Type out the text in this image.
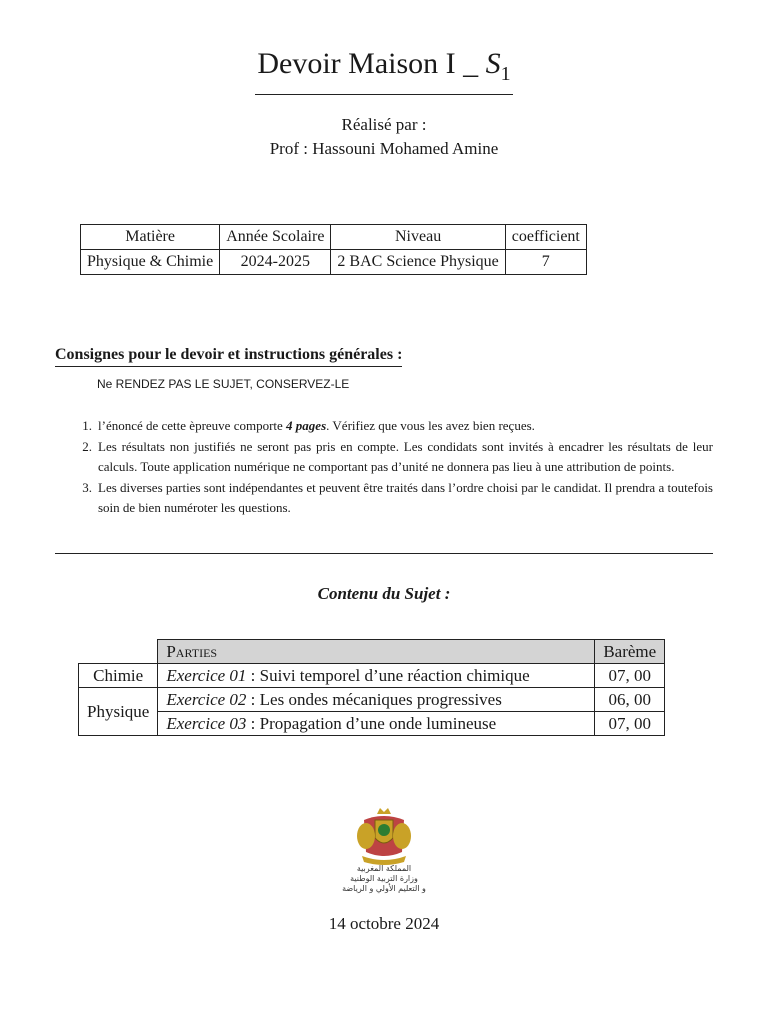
Devoir Maison I _ $S_1$
Réalisé par :
Prof : Hassouni Mohamed Amine
Matière	Année Scolaire	Niveau	coefficient
Physique & Chimie	2024-2025	2 BAC Science Physique	7
Consignes pour le devoir et instructions générales :
Ne RENDEZ PAS LE SUJET, CONSERVEZ-LE
1. l’énoncé de cette èpreuve comporte 4 pages. Vérifiez que vous les avez bien reçues.
2. Les résultats non justifiés ne seront pas pris en compte. Les condidats sont invités à encadrer les résultats de leur calculs. Toute application numérique ne comportant pas d’unité ne donnera pas lieu à une attribution de points.
3. Les diverses parties sont indépendantes et peuvent être traités dans l’ordre choisi par le candidat. Il prendra a toutefois soin de bien numéroter les questions.
Contenu du Sujet :
	Parties	Barème
Chimie	Exercice 01 : Suivi temporel d’une réaction chimique	07, 00
Physique	Exercice 02 : Les ondes mécaniques progressives	06, 00
	Exercice 03 : Propagation d’une onde lumineuse	07, 00
المملكة المغربية
وزارة التربية الوطنية
و التعليم الأولي و الرياضة
14 octobre 2024
